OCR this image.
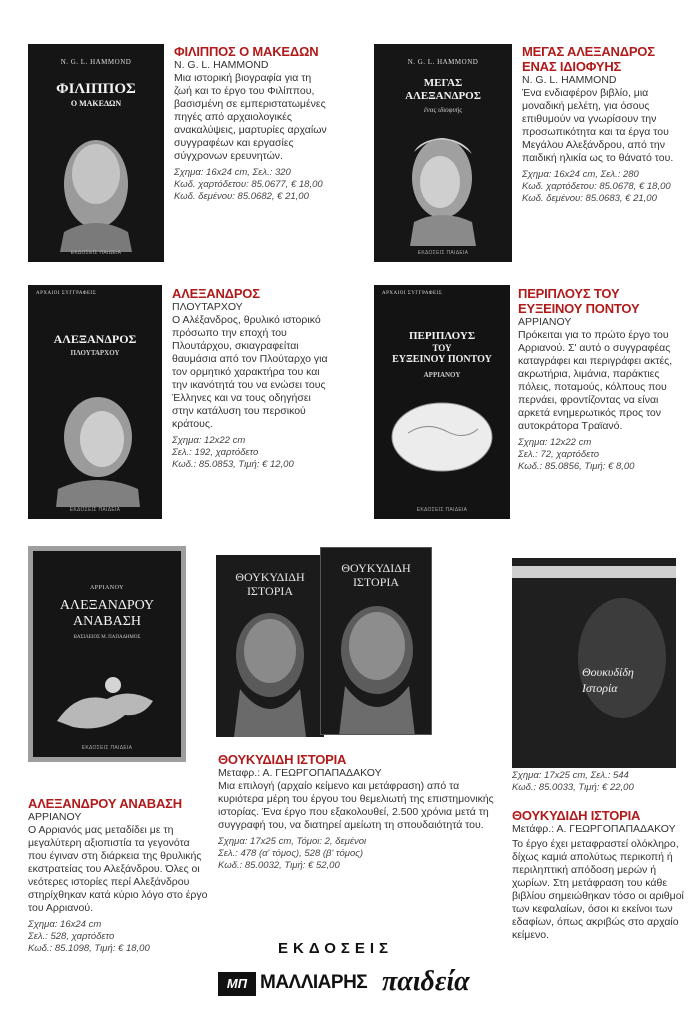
N. G. L. HAMMOND
ΦΙΛΙΠΠΟΣ
Ο ΜΑΚΕΔΩΝ
ΕΚΔΟΣΕΙΣ ΠΑΙΔΕΙΑ
ΦΙΛΙΠΠΟΣ Ο ΜΑΚΕΔΩΝ
N. G. L. HAMMOND
Μια ιστορική βιογραφία για τη ζωή και το έργο του Φιλίππου, βασισμένη σε εμπεριστατωμένες πηγές από αρχαιολογικές ανακαλύψεις, μαρτυρίες αρχαίων συγγραφέων και εργασίες σύγχρονων ερευνητών.
Σχημα: 16x24 cm, Σελ.: 320
Κωδ. χαρτόδετου: 85.0677, € 18,00
Κωδ. δεμένου: 85.0682, € 21,00
N. G. L. HAMMOND
ΜΕΓΑΣ
ΑΛΕΞΑΝΔΡΟΣ
ένας ιδιοφυής
ΕΚΔΟΣΕΙΣ ΠΑΙΔΕΙΑ
ΜΕΓΑΣ ΑΛΕΞΑΝΔΡΟΣ ΕΝΑΣ ΙΔΙΟΦΥΗΣ
N. G. L. HAMMOND
Ένα ενδιαφέρον βιβλίο, μια μοναδική μελέτη, για όσους επιθυμούν να γνωρίσουν την προσωπικότητα και τα έργα του Μεγάλου Αλεξάνδρου, από την παιδική ηλικία ως το θάνατό του.
Σχημα: 16x24 cm, Σελ.: 280
Κωδ. χαρτόδετου: 85.0678, € 18,00
Κωδ. δεμένου: 85.0683, € 21,00
ΑΡΧΑΙΟΙ ΣΥΓΓΡΑΦΕΙΣ
ΑΛΕΞΑΝΔΡΟΣ
ΠΛΟΥΤΑΡΧΟΥ
ΕΚΔΟΣΕΙΣ ΠΑΙΔΕΙΑ
ΑΛΕΞΑΝΔΡΟΣ
ΠΛΟΥΤΑΡΧΟΥ
Ο Αλέξανδρος, θρυλικό ιστορικό πρόσωπο την εποχή του Πλουτάρχου, σκιαγραφείται θαυμάσια από τον Πλούταρχο για τον ορμητικό χαρακτήρα του και την ικανότητά του να ενώσει τους Έλληνες και να τους οδηγήσει στην κατάλυση του περσικού κράτους.
Σχημα: 12x22 cm
Σελ.: 192, χαρτόδετο
Κωδ.: 85.0853, Τιμή: € 12,00
ΑΡΧΑΙΟΙ ΣΥΓΓΡΑΦΕΙΣ
ΠΕΡΙΠΛΟΥΣ
ΤΟΥ
ΕΥΞΕΙΝΟΥ ΠΟΝΤΟΥ
ΑΡΡΙΑΝΟΥ
ΕΚΔΟΣΕΙΣ ΠΑΙΔΕΙΑ
ΠΕΡΙΠΛΟΥΣ ΤΟΥ ΕΥΞΕΙΝΟΥ ΠΟΝΤΟΥ
ΑΡΡΙΑΝΟΥ
Πρόκειται για το πρώτο έργο του Αρριανού. Σ' αυτό ο συγγραφέας καταγράφει και περιγράφει ακτές, ακρωτήρια, λιμάνια, παράκτιες πόλεις, ποταμούς, κόλπους που περνάει, φροντίζοντας να είναι αρκετά ενημερωτικός προς τον αυτοκράτορα Τραϊανό.
Σχημα: 12x22 cm
Σελ.: 72, χαρτόδετο
Κωδ.: 85.0856, Τιμή: € 8,00
ΑΡΡΙΑΝΟΥ
ΑΛΕΞΑΝΔΡΟΥ
ΑΝΑΒΑΣΗ
ΒΑΣΙΛΕΙΟΣ Μ. ΠΑΠΑΔΗΜΟΣ
ΕΚΔΟΣΕΙΣ ΠΑΙΔΕΙΑ
ΑΛΕΞΑΝΔΡΟΥ ΑΝΑΒΑΣΗ
ΑΡΡΙΑΝΟΥ
Ο Αρριανός μας μεταδίδει με τη μεγαλύτερη αξιοπιστία τα γεγονότα που έγιναν στη διάρκεια της θρυλικής εκστρατείας του Αλεξάνδρου. Όλες οι νεότερες ιστορίες περί Αλεξάνδρου στηρίχθηκαν κατά κύριο λόγο στο έργο του Αρριανού.
Σχημα: 16x24 cm
Σελ.: 528, χαρτόδετο
Κωδ.: 85.1098, Τιμή: € 18,00
ΘΟΥΚΥΔΙΔΗ
ΙΣΤΟΡΙΑ
ΘΟΥΚΥΔΙΔΗ
ΙΣΤΟΡΙΑ
ΘΟΥΚΥΔΙΔΗ ΙΣΤΟΡΙΑ
Μεταφρ.: Α. ΓΕΩΡΓΟΠΑΠΑΔΑΚΟΥ
Μια επιλογή (αρχαίο κείμενο και μετάφραση) από τα κυριότερα μέρη του έργου του θεμελιωτή της επιστημονικής ιστορίας. Ένα έργο που εξακολουθεί, 2.500 χρόνια μετά τη συγγραφή του, να διατηρεί αμείωτη τη σπουδαιότητά του.
Σχημα: 17x25 cm, Τόμοι: 2, δεμένοι
Σελ.: 478 (α' τόμος), 528 (β' τόμος)
Κωδ.: 85.0032, Τιμή: € 52,00
Θουκυδίδη
Ιστορία
Σχημα: 17x25 cm, Σελ.: 544
Κωδ.: 85.0033, Τιμή: € 22,00
ΘΟΥΚΥΔΙΔΗ ΙΣΤΟΡΙΑ
Μετάφρ.: Α. ΓΕΩΡΓΟΠΑΠΑΔΑΚΟΥ
Το έργο έχει μεταφραστεί ολόκληρο, δίχως καμιά απολύτως περικοπή ή περιληπτική απόδοση μερών ή χωρίων. Στη μετάφραση του κάθε βιβλίου σημειώθηκαν τόσο οι αριθμοί των κεφαλαίων, όσοι κι εκείνοι των εδαφίων, όπως ακριβώς στο αρχαίο κείμενο.
ΕΚΔΟΣΕΙΣ
ΜΠ ΜΑΛΛΙΑΡΗΣ παιδεία
